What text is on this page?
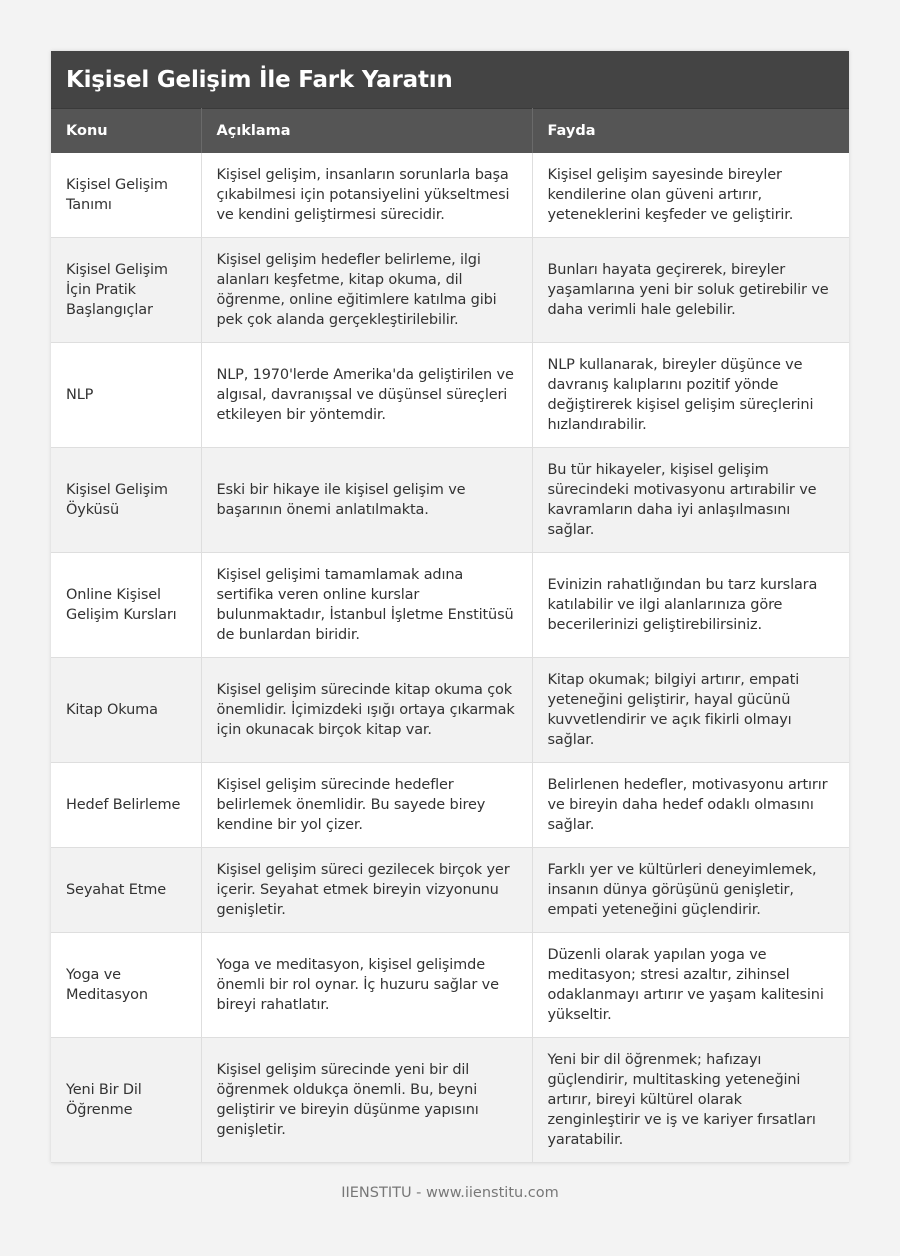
Kişisel Gelişim İle Fark Yaratın
Konu	Açıklama	Fayda
Kişisel Gelişim Tanımı	Kişisel gelişim, insanların sorunlarla başa çıkabilmesi için potansiyelini yükseltmesi ve kendini geliştirmesi sürecidir.	Kişisel gelişim sayesinde bireyler kendilerine olan güveni artırır, yeteneklerini keşfeder ve geliştirir.
Kişisel Gelişim İçin Pratik Başlangıçlar	Kişisel gelişim hedefler belirleme, ilgi alanları keşfetme, kitap okuma, dil öğrenme, online eğitimlere katılma gibi pek çok alanda gerçekleştirilebilir.	Bunları hayata geçirerek, bireyler yaşamlarına yeni bir soluk getirebilir ve daha verimli hale gelebilir.
NLP	NLP, 1970'lerde Amerika'da geliştirilen ve algısal, davranışsal ve düşünsel süreçleri etkileyen bir yöntemdir.	NLP kullanarak, bireyler düşünce ve davranış kalıplarını pozitif yönde değiştirerek kişisel gelişim süreçlerini hızlandırabilir.
Kişisel Gelişim Öyküsü	Eski bir hikaye ile kişisel gelişim ve başarının önemi anlatılmakta.	Bu tür hikayeler, kişisel gelişim sürecindeki motivasyonu artırabilir ve kavramların daha iyi anlaşılmasını sağlar.
Online Kişisel Gelişim Kursları	Kişisel gelişimi tamamlamak adına sertifika veren online kurslar bulunmaktadır, İstanbul İşletme Enstitüsü de bunlardan biridir.	Evinizin rahatlığından bu tarz kurslara katılabilir ve ilgi alanlarınıza göre becerilerinizi geliştirebilirsiniz.
Kitap Okuma	Kişisel gelişim sürecinde kitap okuma çok önemlidir. İçimizdeki ışığı ortaya çıkarmak için okunacak birçok kitap var.	Kitap okumak; bilgiyi artırır, empati yeteneğini geliştirir, hayal gücünü kuvvetlendirir ve açık fikirli olmayı sağlar.
Hedef Belirleme	Kişisel gelişim sürecinde hedefler belirlemek önemlidir. Bu sayede birey kendine bir yol çizer.	Belirlenen hedefler, motivasyonu artırır ve bireyin daha hedef odaklı olmasını sağlar.
Seyahat Etme	Kişisel gelişim süreci gezilecek birçok yer içerir. Seyahat etmek bireyin vizyonunu genişletir.	Farklı yer ve kültürleri deneyimlemek, insanın dünya görüşünü genişletir, empati yeteneğini güçlendirir.
Yoga ve Meditasyon	Yoga ve meditasyon, kişisel gelişimde önemli bir rol oynar. İç huzuru sağlar ve bireyi rahatlatır.	Düzenli olarak yapılan yoga ve meditasyon; stresi azaltır, zihinsel odaklanmayı artırır ve yaşam kalitesini yükseltir.
Yeni Bir Dil Öğrenme	Kişisel gelişim sürecinde yeni bir dil öğrenmek oldukça önemli. Bu, beyni geliştirir ve bireyin düşünme yapısını genişletir.	Yeni bir dil öğrenmek; hafızayı güçlendirir, multitasking yeteneğini artırır, bireyi kültürel olarak zenginleştirir ve iş ve kariyer fırsatları yaratabilir.
IIENSTITU - www.iienstitu.com
